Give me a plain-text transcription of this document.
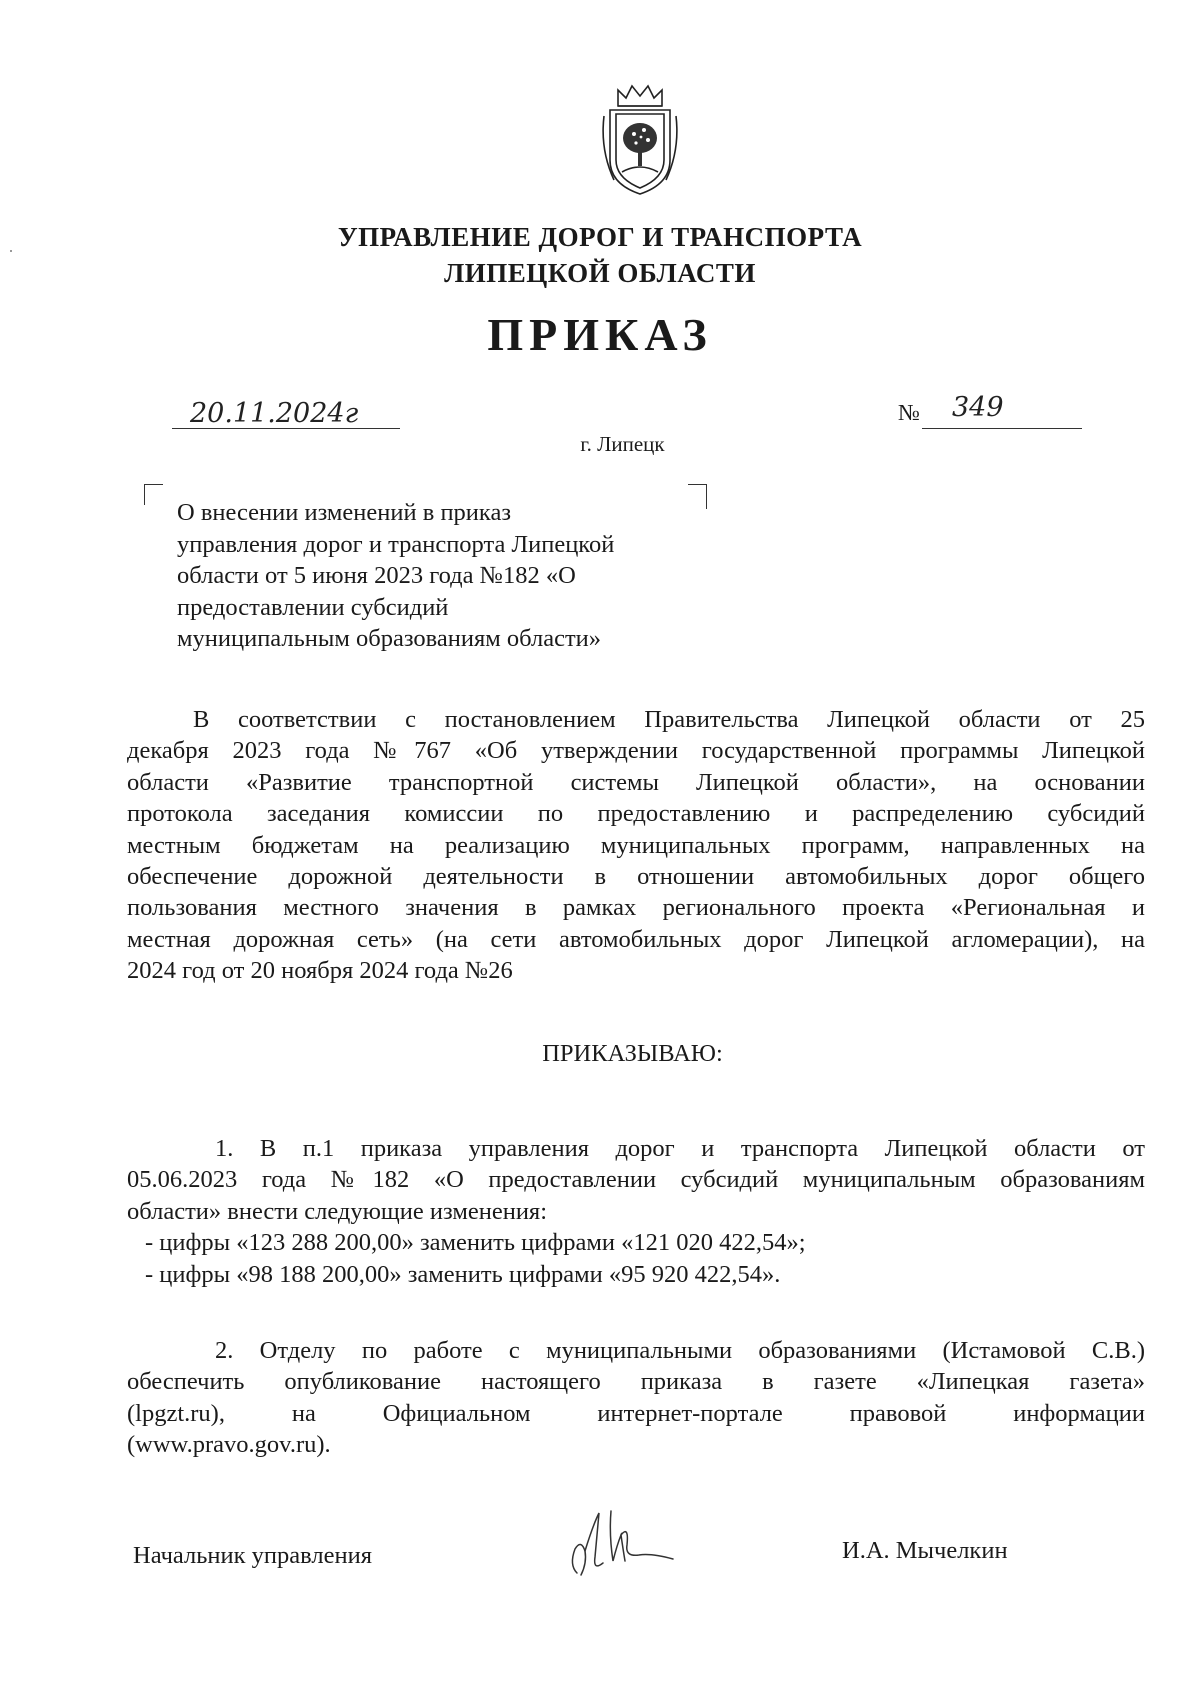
УПРАВЛЕНИЕ ДОРОГ И ТРАНСПОРТА
ЛИПЕЦКОЙ ОБЛАСТИ
ПРИКАЗ
20.11.2024г	№ 349
г. Липецк
О внесении изменений в приказ
управления дорог и транспорта Липецкой
области от 5 июня 2023 года №182 «О
предоставлении субсидий
муниципальным образованиям области»
В соответствии с постановлением Правительства Липецкой области от 25
декабря 2023 года №767 «Об утверждении государственной программы Липецкой
области «Развитие транспортной системы Липецкой области», на основании
протокола заседания комиссии по предоставлению и распределению субсидий
местным бюджетам на реализацию муниципальных программ, направленных на
обеспечение дорожной деятельности в отношении автомобильных дорог общего
пользования местного значения в рамках регионального проекта «Региональная и
местная дорожная сеть» (на сети автомобильных дорог Липецкой агломерации), на
2024 год от 20 ноября 2024 года №26
ПРИКАЗЫВАЮ:
1. В п.1 приказа управления дорог и транспорта Липецкой области от
05.06.2023 года №182 «О предоставлении субсидий муниципальным образованиям
области» внести следующие изменения:
- цифры «123 288 200,00» заменить цифрами «121 020 422,54»;
- цифры «98 188 200,00» заменить цифрами «95 920 422,54».
2. Отделу по работе с муниципальными образованиями (Истамовой С.В.)
обеспечить опубликование настоящего приказа в газете «Липецкая газета»
(lpgzt.ru), на Официальном интернет-портале правовой информации
(www.pravo.gov.ru).
Начальник управления	И.А. Мычелкин
